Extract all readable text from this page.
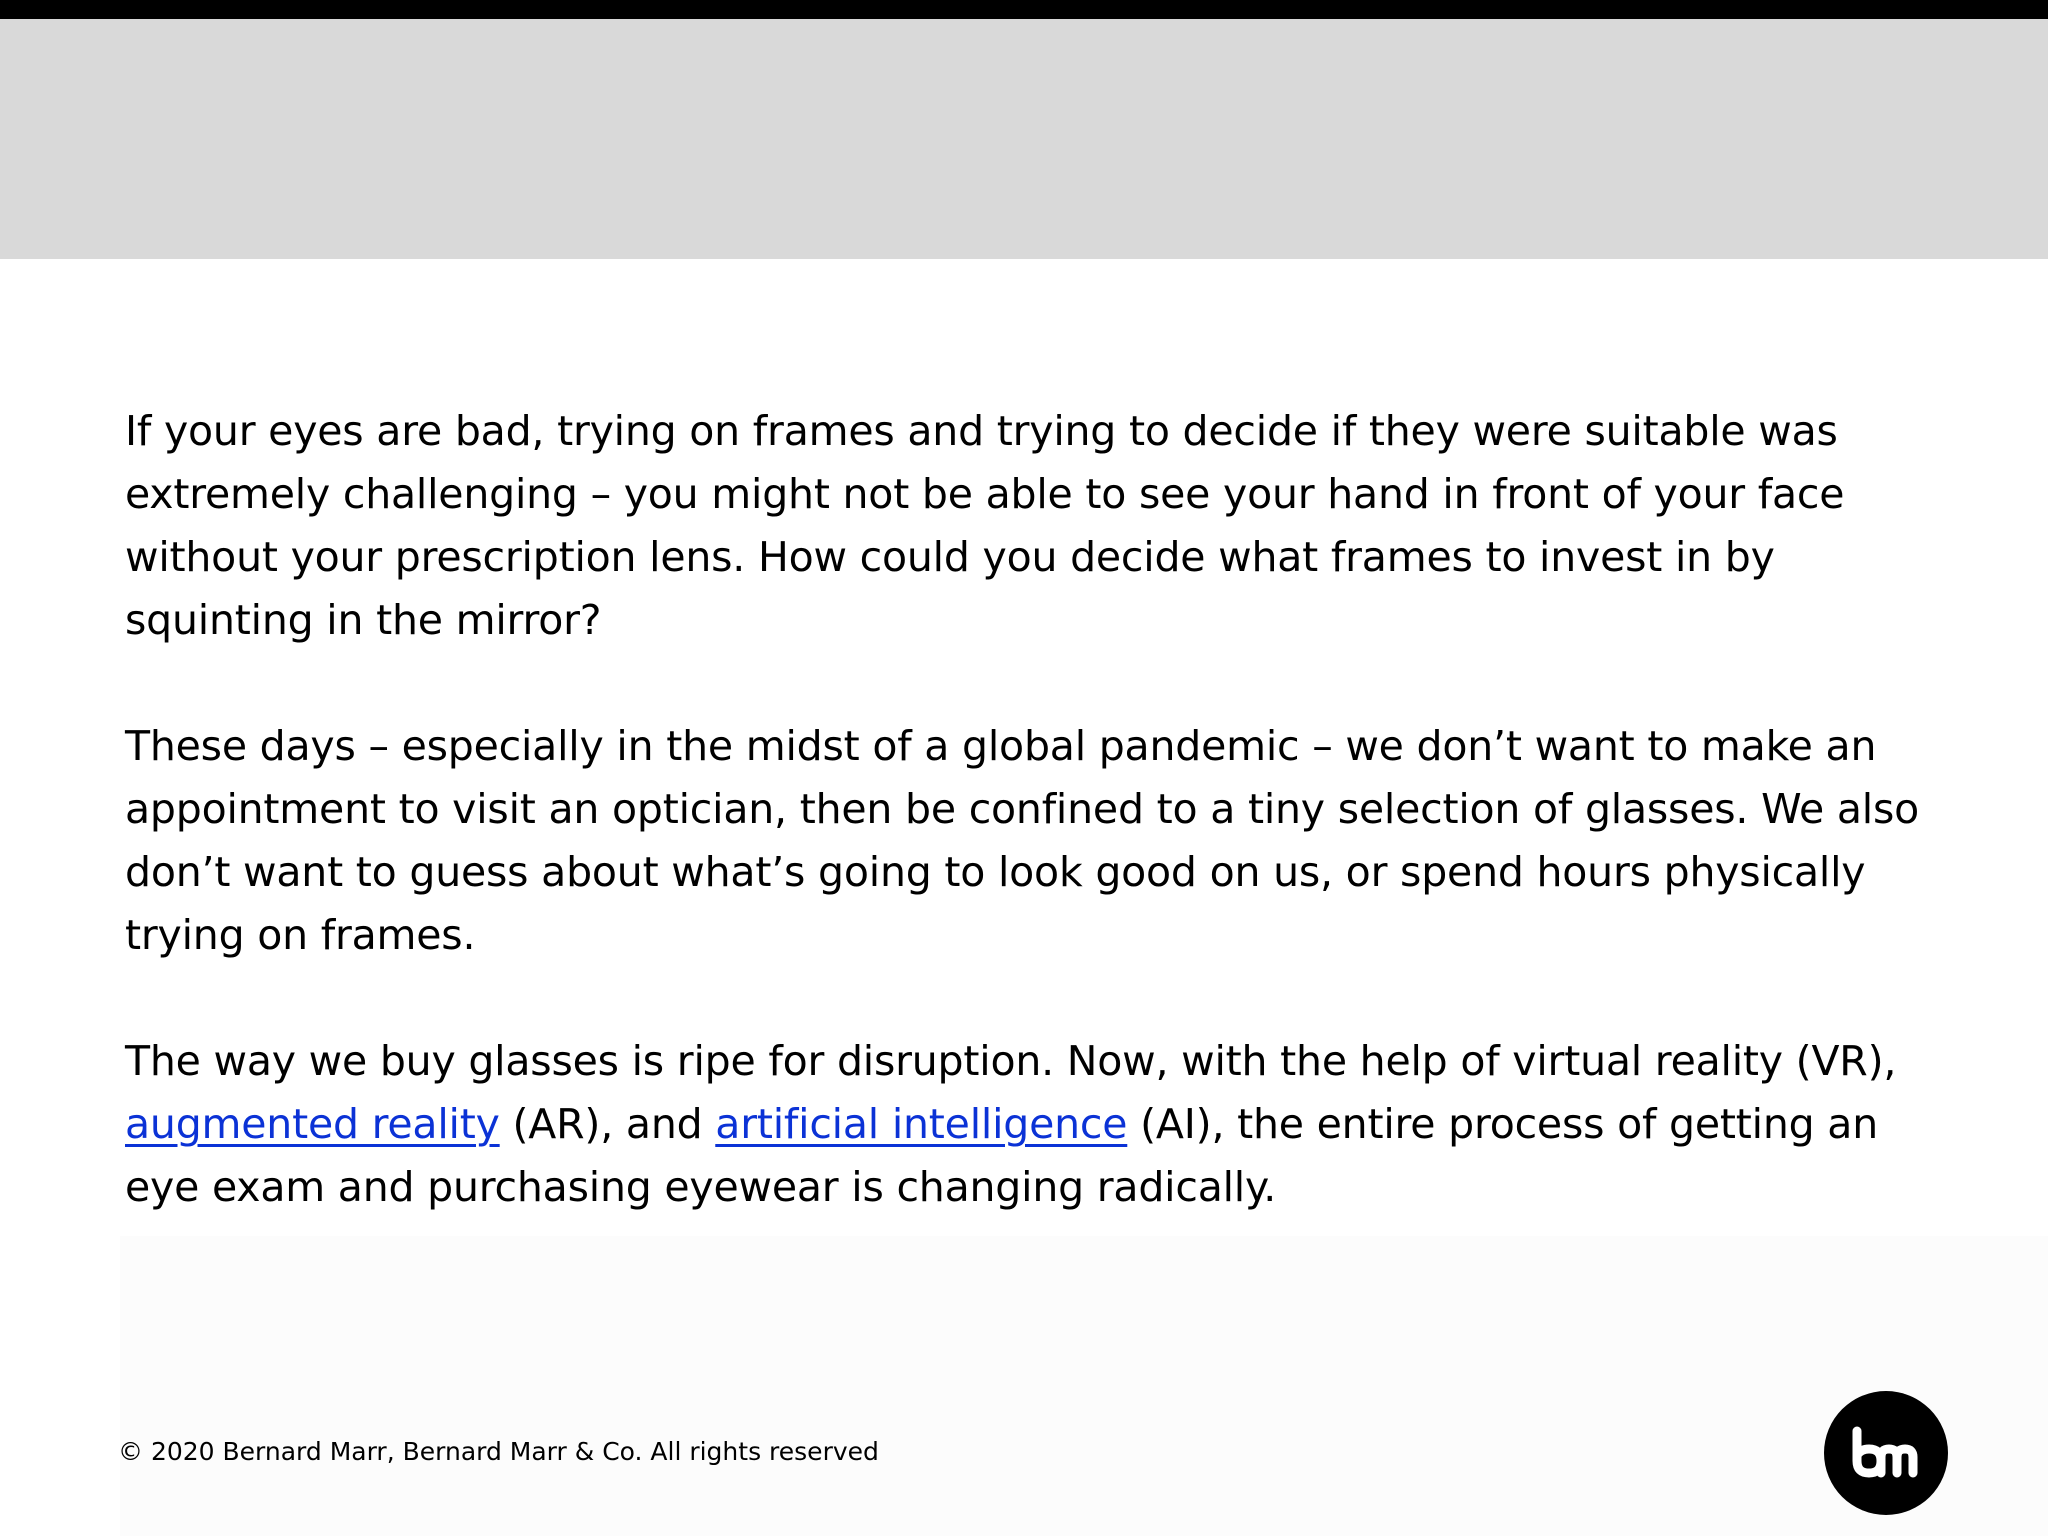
If your eyes are bad, trying on frames and trying to decide if they were suitable was extremely challenging – you might not be able to see your hand in front of your face without your prescription lens. How could you decide what frames to invest in by squinting in the mirror?

These days – especially in the midst of a global pandemic – we don’t want to make an appointment to visit an optician, then be confined to a tiny selection of glasses. We also don’t want to guess about what’s going to look good on us, or spend hours physically trying on frames.

The way we buy glasses is ripe for disruption. Now, with the help of virtual reality (VR), augmented reality (AR), and artificial intelligence (AI), the entire process of getting an eye exam and purchasing eyewear is changing radically.

© 2020 Bernard Marr, Bernard Marr & Co. All rights reserved
